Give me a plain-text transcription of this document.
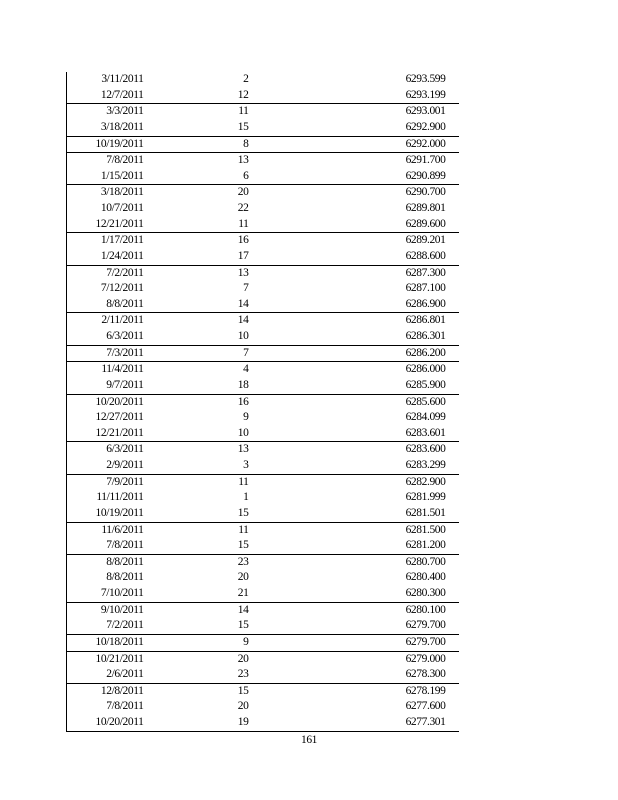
3/11/2011	2	6293.599
12/7/2011	12	6293.199
3/3/2011	11	6293.001
3/18/2011	15	6292.900
10/19/2011	8	6292.000
7/8/2011	13	6291.700
1/15/2011	6	6290.899
3/18/2011	20	6290.700
10/7/2011	22	6289.801
12/21/2011	11	6289.600
1/17/2011	16	6289.201
1/24/2011	17	6288.600
7/2/2011	13	6287.300
7/12/2011	7	6287.100
8/8/2011	14	6286.900
2/11/2011	14	6286.801
6/3/2011	10	6286.301
7/3/2011	7	6286.200
11/4/2011	4	6286.000
9/7/2011	18	6285.900
10/20/2011	16	6285.600
12/27/2011	9	6284.099
12/21/2011	10	6283.601
6/3/2011	13	6283.600
2/9/2011	3	6283.299
7/9/2011	11	6282.900
11/11/2011	1	6281.999
10/19/2011	15	6281.501
11/6/2011	11	6281.500
7/8/2011	15	6281.200
8/8/2011	23	6280.700
8/8/2011	20	6280.400
7/10/2011	21	6280.300
9/10/2011	14	6280.100
7/2/2011	15	6279.700
10/18/2011	9	6279.700
10/21/2011	20	6279.000
2/6/2011	23	6278.300
12/8/2011	15	6278.199
7/8/2011	20	6277.600
10/20/2011	19	6277.301
161
